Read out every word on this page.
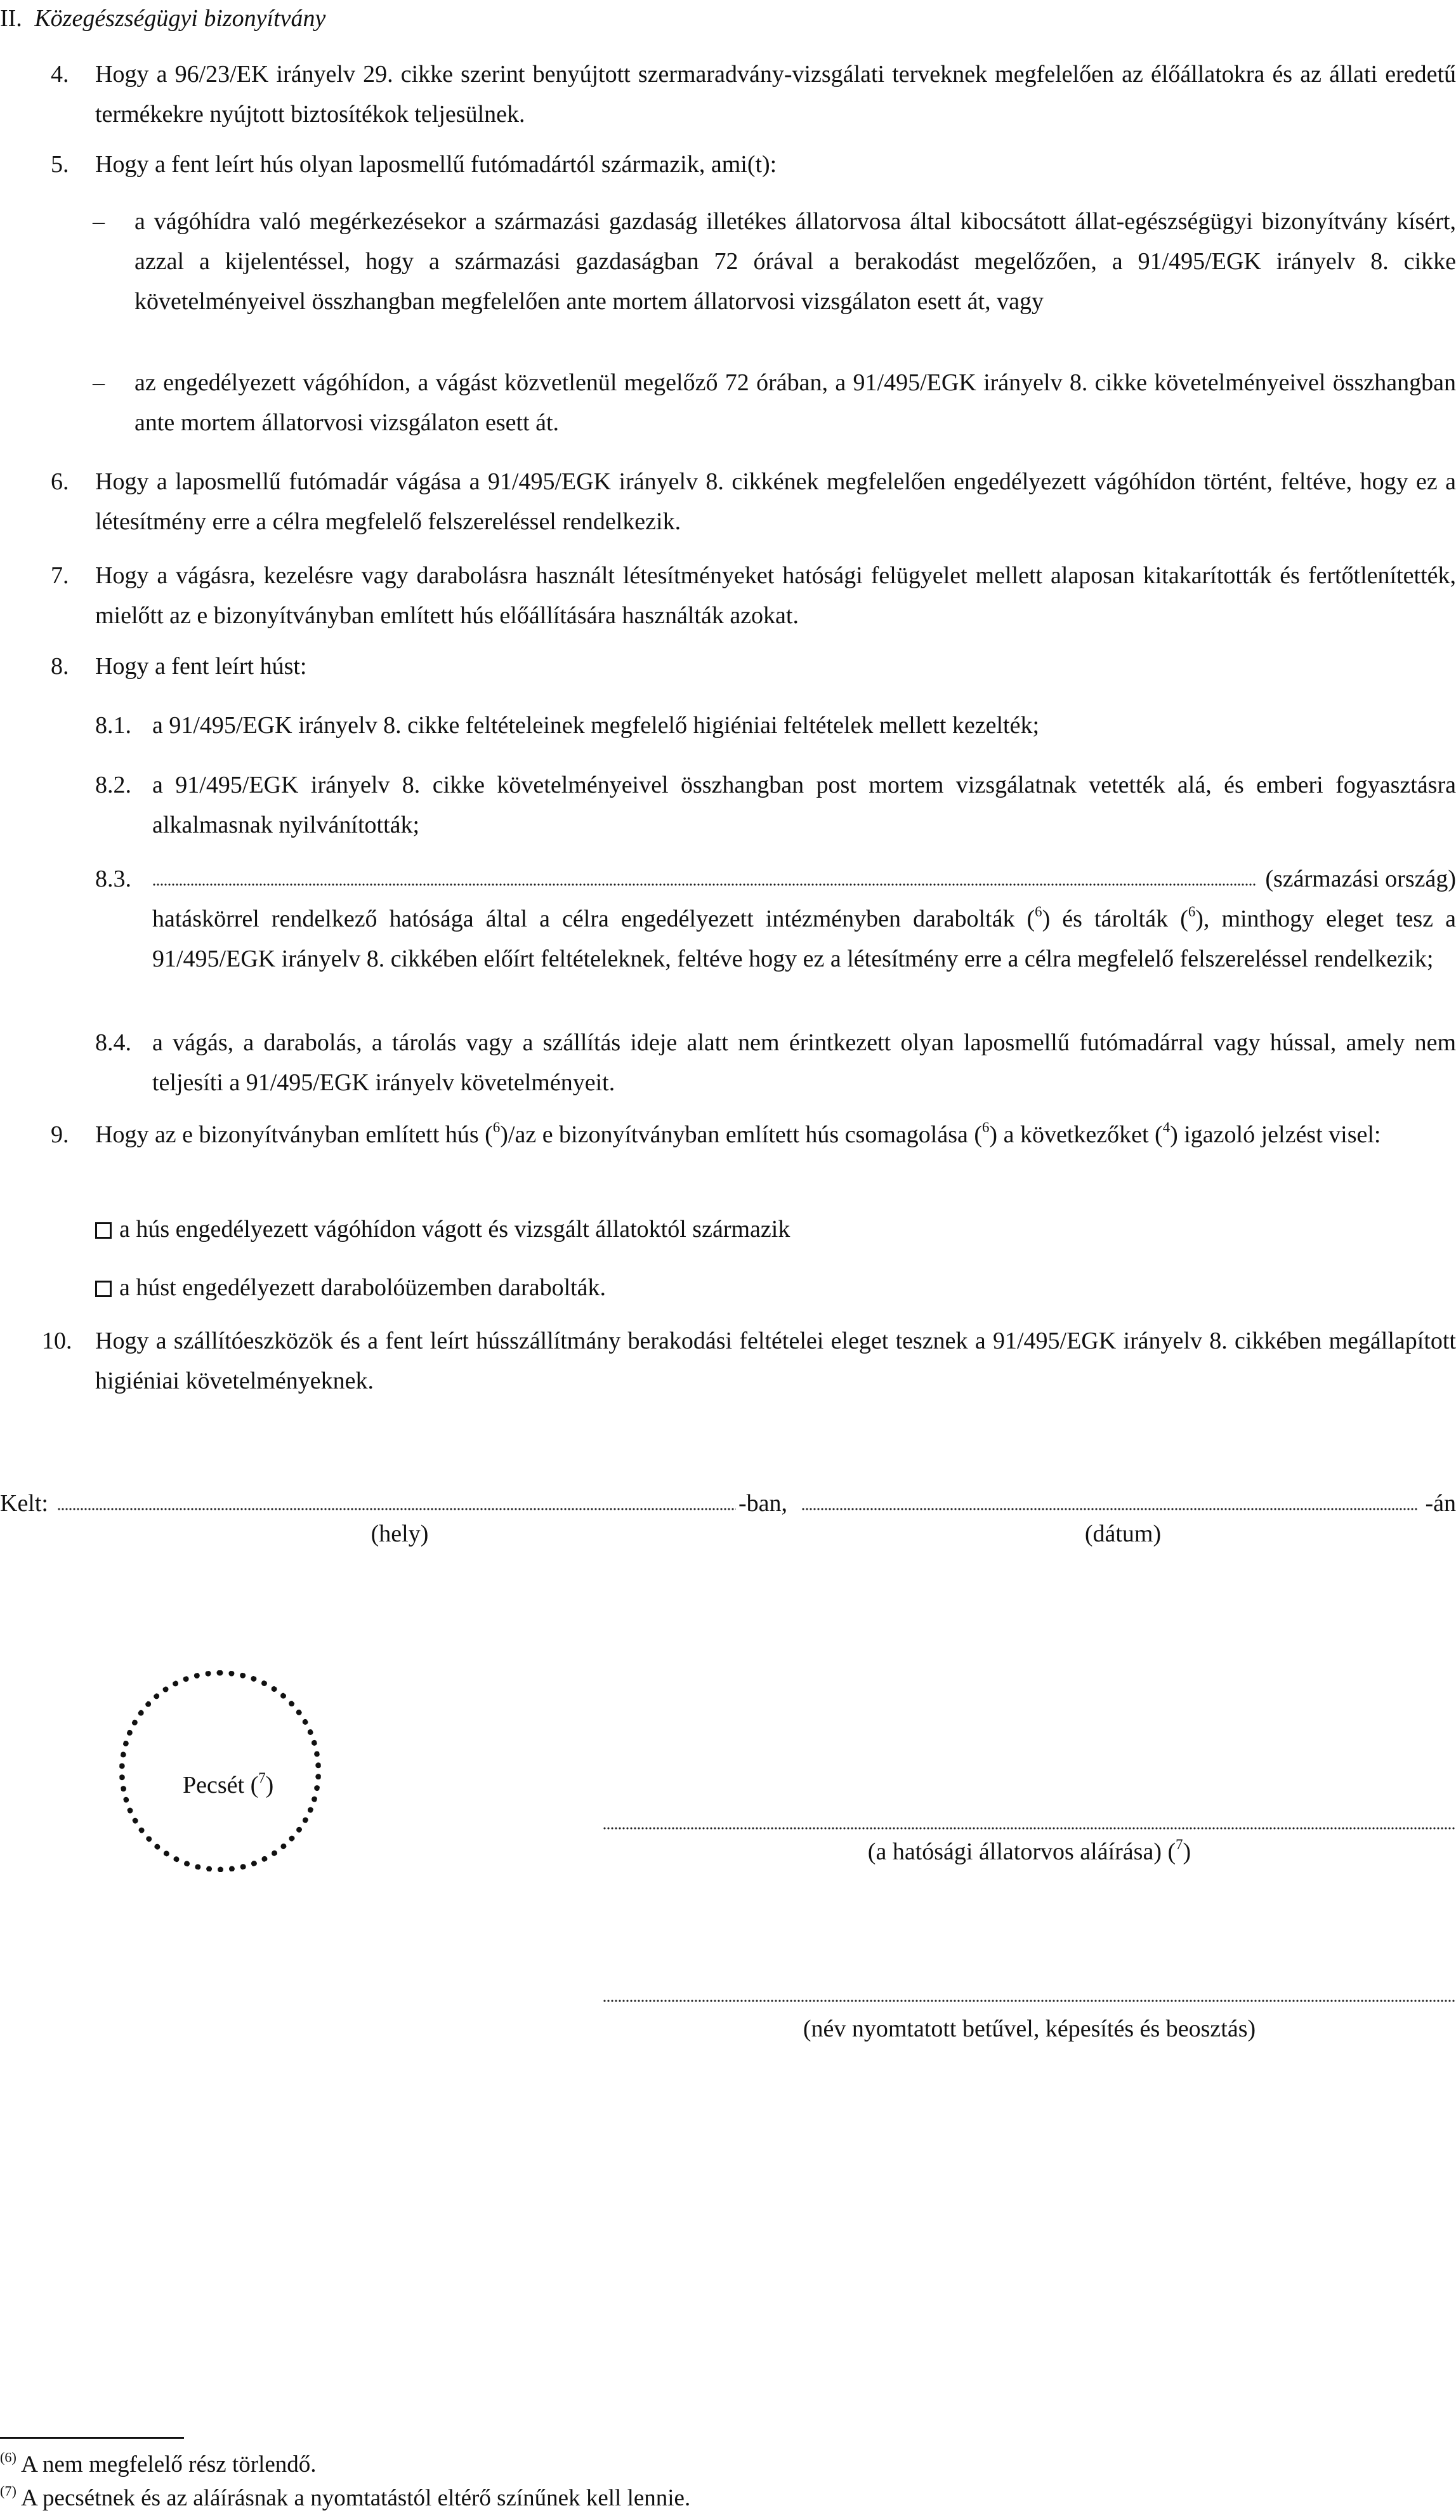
II. Közegészségügyi bizonyítvány
4. Hogy a 96/23/EK irányelv 29. cikke szerint benyújtott szermaradvány-vizsgálati terveknek megfelelően az élőállatokra és az állati eredetű termékekre nyújtott biztosítékok teljesülnek.
5. Hogy a fent leírt hús olyan laposmellű futómadártól származik, ami(t):
– a vágóhídra való megérkezésekor a származási gazdaság illetékes állatorvosa által kibocsátott állat-egészségügyi bizonyítvány kísért, azzal a kijelentéssel, hogy a származási gazdaságban 72 órával a berakodást megelőzően, a 91/495/EGK irányelv 8. cikke követelményeivel összhangban megfelelően ante mortem állatorvosi vizsgálaton esett át, vagy
– az engedélyezett vágóhídon, a vágást közvetlenül megelőző 72 órában, a 91/495/EGK irányelv 8. cikke követelményeivel összhangban ante mortem állatorvosi vizsgálaton esett át.
6. Hogy a laposmellű futómadár vágása a 91/495/EGK irányelv 8. cikkének megfelelően engedélyezett vágóhídon történt, feltéve, hogy ez a létesítmény erre a célra megfelelő felszereléssel rendelkezik.
7. Hogy a vágásra, kezelésre vagy darabolásra használt létesítményeket hatósági felügyelet mellett alaposan kitakarították és fertőtlenítették, mielőtt az e bizonyítványban említett hús előállítására használták azokat.
8. Hogy a fent leírt húst:
8.1. a 91/495/EGK irányelv 8. cikke feltételeinek megfelelő higiéniai feltételek mellett kezelték;
8.2. a 91/495/EGK irányelv 8. cikke követelményeivel összhangban post mortem vizsgálatnak vetették alá, és emberi fogyasztásra alkalmasnak nyilvánították;
8.3.	(származási ország)
hatáskörrel rendelkező hatósága által a célra engedélyezett intézményben darabolták ($^6$) és tárolták ($^6$), minthogy eleget tesz a 91/495/EGK irányelv 8. cikkében előírt feltételeknek, feltéve hogy ez a létesítmény erre a célra megfelelő felszereléssel rendelkezik;
8.4. a vágás, a darabolás, a tárolás vagy a szállítás ideje alatt nem érintkezett olyan laposmellű futómadárral vagy hússal, amely nem teljesíti a 91/495/EGK irányelv követelményeit.
9. Hogy az e bizonyítványban említett hús ($^6$)/az e bizonyítványban említett hús csomagolása ($^6$) a következőket ($^4$) igazoló jelzést visel:
a hús engedélyezett vágóhídon vágott és vizsgált állatoktól származik
a húst engedélyezett darabolóüzemben darabolták.
10. Hogy a szállítóeszközök és a fent leírt hússzállítmány berakodási feltételei eleget tesznek a 91/495/EGK irányelv 8. cikkében megállapított higiéniai követelményeknek.
Kelt:	-ban,	-án
(hely)	(dátum)
Pecsét ($^7$)
(a hatósági állatorvos aláírása) ($^7$)
(név nyomtatott betűvel, képesítés és beosztás)
$^{(6)}$ A nem megfelelő rész törlendő.
$^{(7)}$ A pecsétnek és az aláírásnak a nyomtatástól eltérő színűnek kell lennie.
